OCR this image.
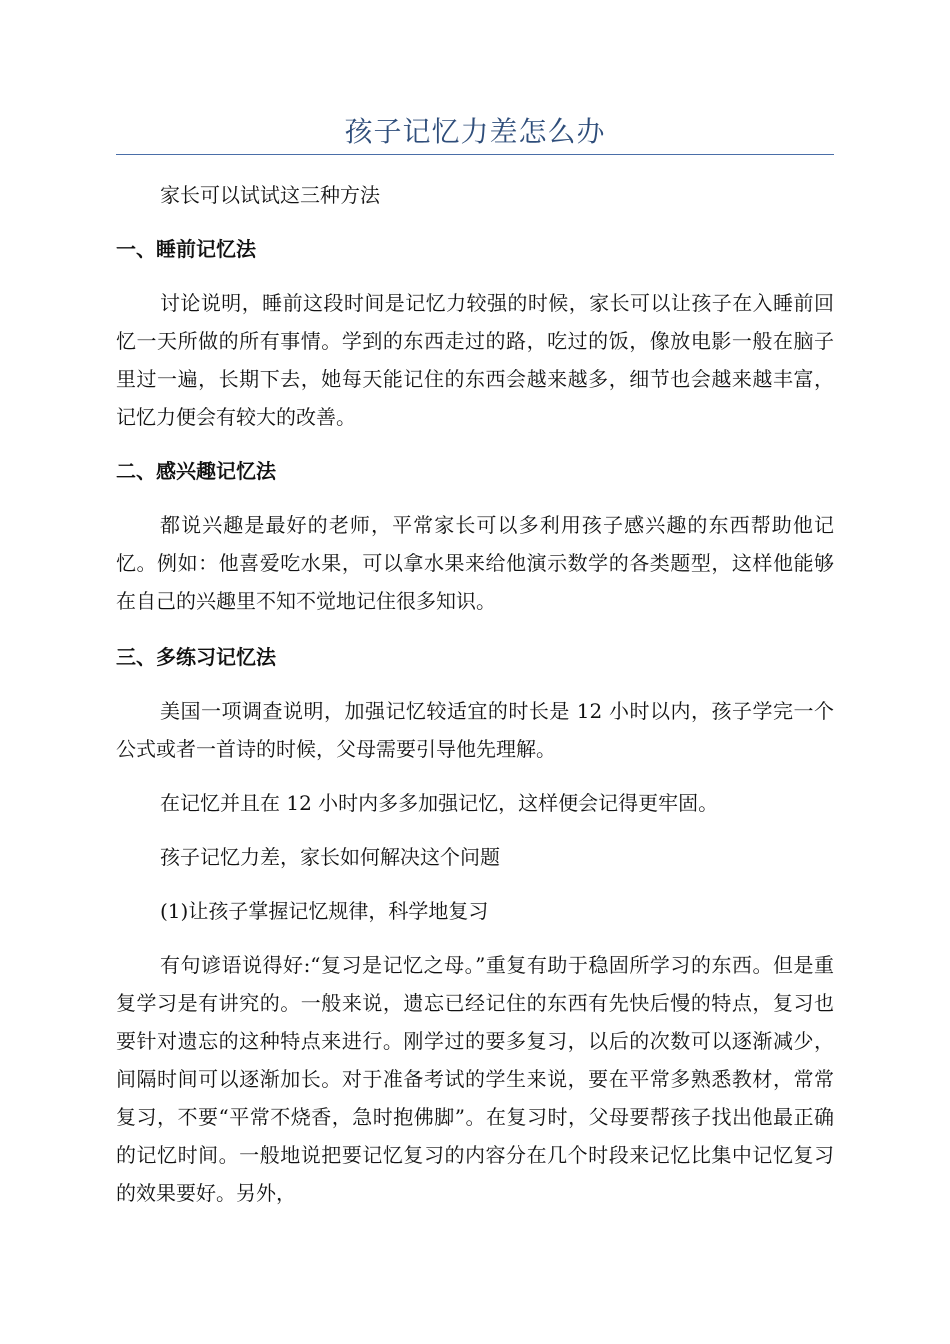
孩子记忆力差怎么办
家长可以试试这三种方法
一、睡前记忆法
讨论说明，睡前这段时间是记忆力较强的时候，家长可以让孩子在入睡前回忆一天所做的所有事情。学到的东西走过的路，吃过的饭，像放电影一般在脑子里过一遍，长期下去，她每天能记住的东西会越来越多，细节也会越来越丰富，记忆力便会有较大的改善。
二、感兴趣记忆法
都说兴趣是最好的老师，平常家长可以多利用孩子感兴趣的东西帮助他记忆。例如：他喜爱吃水果，可以拿水果来给他演示数学的各类题型，这样他能够在自己的兴趣里不知不觉地记住很多知识。
三、多练习记忆法
美国一项调查说明，加强记忆较适宜的时长是 12 小时以内，孩子学完一个公式或者一首诗的时候，父母需要引导他先理解。
在记忆并且在 12 小时内多多加强记忆，这样便会记得更牢固。
孩子记忆力差，家长如何解决这个问题
(1)让孩子掌握记忆规律，科学地复习
有句谚语说得好:“复习是记忆之母。”重复有助于稳固所学习的东西。但是重复学习是有讲究的。一般来说，遗忘已经记住的东西有先快后慢的特点，复习也要针对遗忘的这种特点来进行。刚学过的要多复习，以后的次数可以逐渐减少，间隔时间可以逐渐加长。对于准备考试的学生来说，要在平常多熟悉教材，常常复习，不要“平常不烧香，急时抱佛脚”。在复习时，父母要帮孩子找出他最正确的记忆时间。一般地说把要记忆复习的内容分在几个时段来记忆比集中记忆复习的效果要好。另外，
